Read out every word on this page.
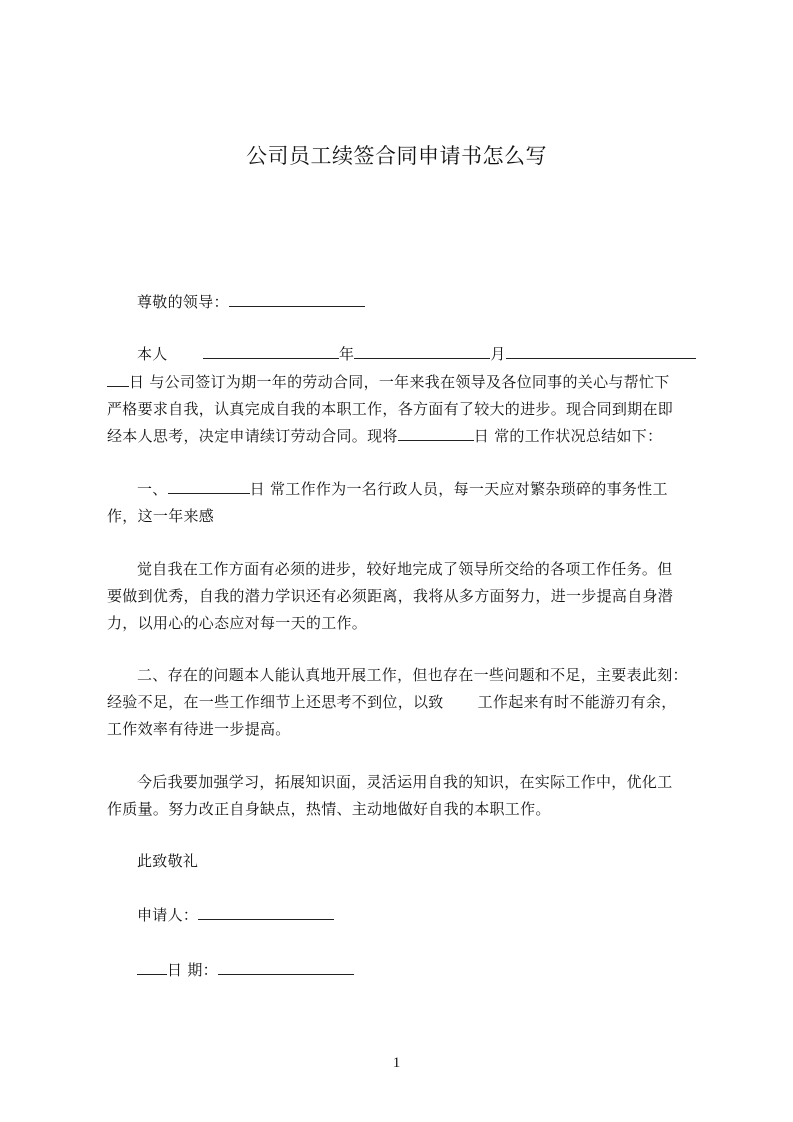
公司员工续签合同申请书怎么写
尊敬的领导：
本人	年	月
日 与公司签订为期一年的劳动合同，一年来我在领导及各位同事的关心与帮忙下
严格要求自我，认真完成自我的本职工作，各方面有了较大的进步。现合同到期在即
经本人思考，决定申请续订劳动合同。现将	日 常的工作状况总结如下：
一、	日 常工作作为一名行政人员，每一天应对繁杂琐碎的事务性工
作，这一年来感
觉自我在工作方面有必须的进步，较好地完成了领导所交给的各项工作任务。但
要做到优秀，自我的潜力学识还有必须距离，我将从多方面努力，进一步提高自身潜
力，以用心的心态应对每一天的工作。
二、存在的问题本人能认真地开展工作，但也存在一些问题和不足，主要表此刻：
经验不足，在一些工作细节上还思考不到位，以致 工作起来有时不能游刃有余，
工作效率有待进一步提高。
今后我要加强学习，拓展知识面，灵活运用自我的知识，在实际工作中，优化工
作质量。努力改正自身缺点，热情、主动地做好自我的本职工作。
此致敬礼
申请人：
日 期：
1
